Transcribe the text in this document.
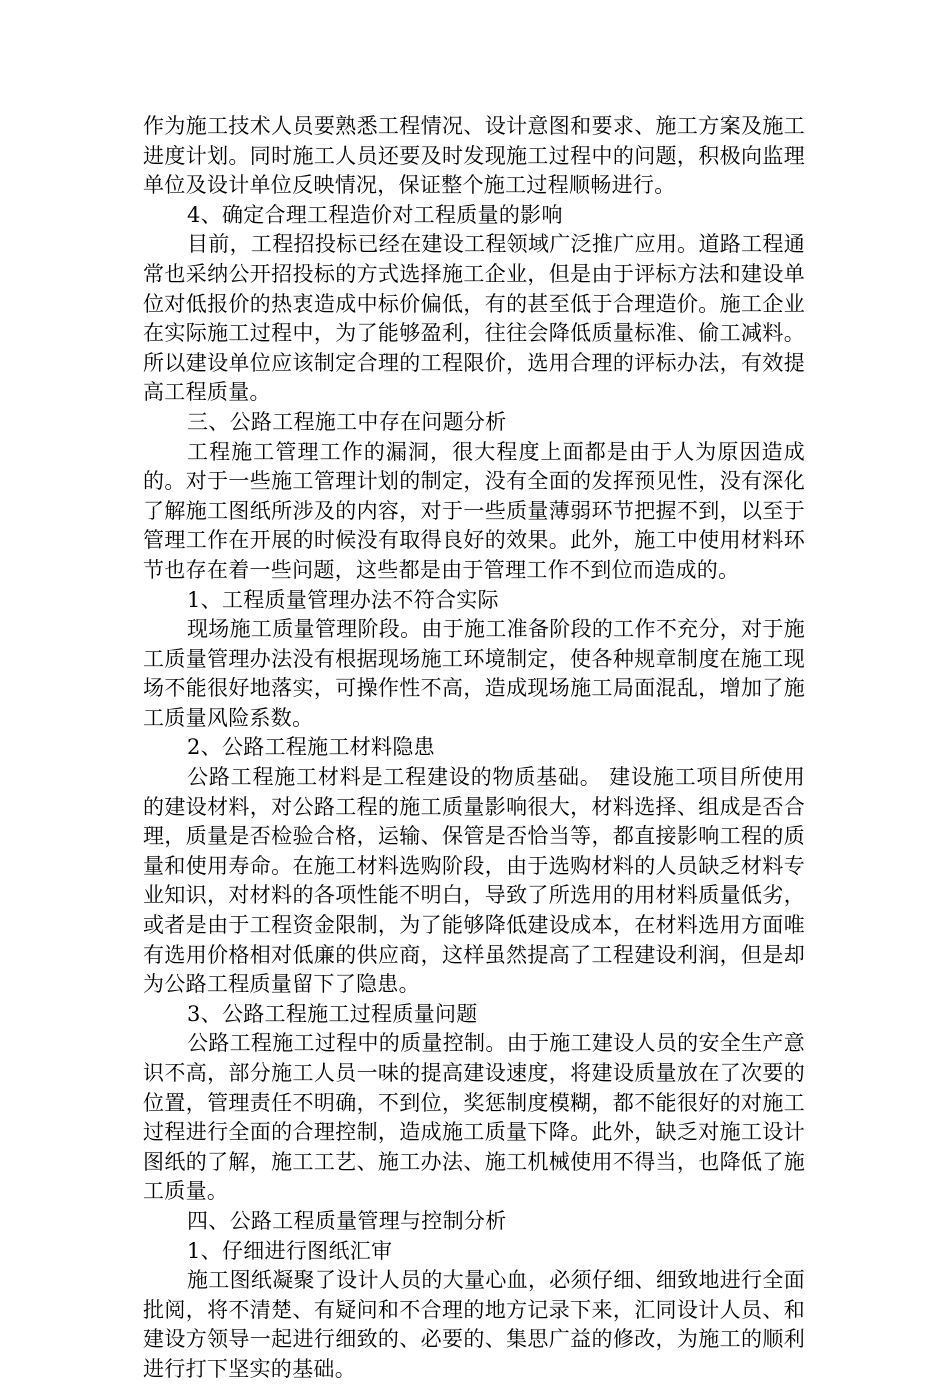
作为施工技术人员要熟悉工程情况、设计意图和要求、施工方案及施工进度计划。同时施工人员还要及时发现施工过程中的问题，积极向监理单位及设计单位反映情况，保证整个施工过程顺畅进行。

4、确定合理工程造价对工程质量的影响

目前，工程招投标已经在建设工程领域广泛推广应用。道路工程通常也采纳公开招投标的方式选择施工企业，但是由于评标方法和建设单位对低报价的热衷造成中标价偏低，有的甚至低于合理造价。施工企业在实际施工过程中，为了能够盈利，往往会降低质量标准、偷工减料。所以建设单位应该制定合理的工程限价，选用合理的评标办法，有效提高工程质量。

三、公路工程施工中存在问题分析

工程施工管理工作的漏洞，很大程度上面都是由于人为原因造成的。对于一些施工管理计划的制定，没有全面的发挥预见性，没有深化了解施工图纸所涉及的内容，对于一些质量薄弱环节把握不到，以至于管理工作在开展的时候没有取得良好的效果。此外，施工中使用材料环节也存在着一些问题，这些都是由于管理工作不到位而造成的。

1、工程质量管理办法不符合实际

现场施工质量管理阶段。由于施工准备阶段的工作不充分，对于施工质量管理办法没有根据现场施工环境制定，使各种规章制度在施工现场不能很好地落实，可操作性不高，造成现场施工局面混乱，增加了施工质量风险系数。

2、公路工程施工材料隐患

公路工程施工材料是工程建设的物质基础。 建设施工项目所使用的建设材料，对公路工程的施工质量影响很大，材料选择、组成是否合理，质量是否检验合格，运输、保管是否恰当等，都直接影响工程的质量和使用寿命。在施工材料选购阶段，由于选购材料的人员缺乏材料专业知识，对材料的各项性能不明白，导致了所选用的用材料质量低劣，或者是由于工程资金限制，为了能够降低建设成本，在材料选用方面唯有选用价格相对低廉的供应商，这样虽然提高了工程建设利润，但是却为公路工程质量留下了隐患。

3、公路工程施工过程质量问题

公路工程施工过程中的质量控制。由于施工建设人员的安全生产意识不高，部分施工人员一味的提高建设速度，将建设质量放在了次要的位置，管理责任不明确，不到位，奖惩制度模糊，都不能很好的对施工过程进行全面的合理控制，造成施工质量下降。此外，缺乏对施工设计图纸的了解，施工工艺、施工办法、施工机械使用不得当，也降低了施工质量。

四、公路工程质量管理与控制分析

1、仔细进行图纸汇审

施工图纸凝聚了设计人员的大量心血，必须仔细、细致地进行全面批阅，将不清楚、有疑问和不合理的地方记录下来，汇同设计人员、和建设方领导一起进行细致的、必要的、集思广益的修改，为施工的顺利进行打下坚实的基础。
